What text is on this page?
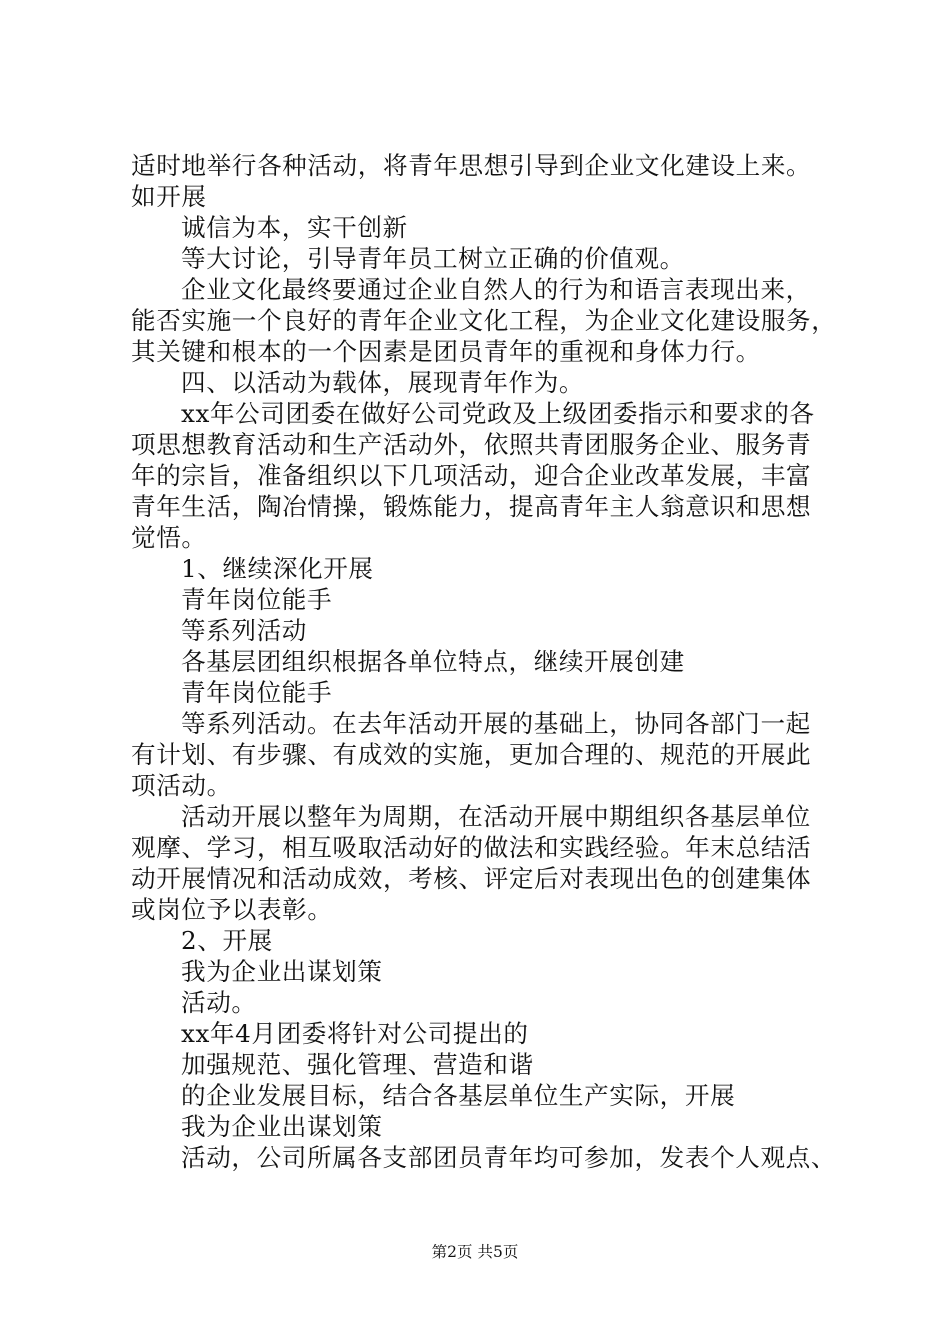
适时地举行各种活动，将青年思想引导到企业文化建设上来。
如开展
诚信为本，实干创新
等大讨论，引导青年员工树立正确的价值观。
企业文化最终要通过企业自然人的行为和语言表现出来，
能否实施一个良好的青年企业文化工程，为企业文化建设服务，
其关键和根本的一个因素是团员青年的重视和身体力行。
四、以活动为载体，展现青年作为。
xx年公司团委在做好公司党政及上级团委指示和要求的各
项思想教育活动和生产活动外，依照共青团服务企业、服务青
年的宗旨，准备组织以下几项活动，迎合企业改革发展，丰富
青年生活，陶冶情操，锻炼能力，提高青年主人翁意识和思想
觉悟。
1、继续深化开展
青年岗位能手
等系列活动
各基层团组织根据各单位特点，继续开展创建
青年岗位能手
等系列活动。在去年活动开展的基础上，协同各部门一起
有计划、有步骤、有成效的实施，更加合理的、规范的开展此
项活动。
活动开展以整年为周期，在活动开展中期组织各基层单位
观摩、学习，相互吸取活动好的做法和实践经验。年末总结活
动开展情况和活动成效，考核、评定后对表现出色的创建集体
或岗位予以表彰。
2、开展
我为企业出谋划策
活动。
xx年4月团委将针对公司提出的
加强规范、强化管理、营造和谐
的企业发展目标，结合各基层单位生产实际，开展
我为企业出谋划策
活动，公司所属各支部团员青年均可参加，发表个人观点、
第2页 共5页
